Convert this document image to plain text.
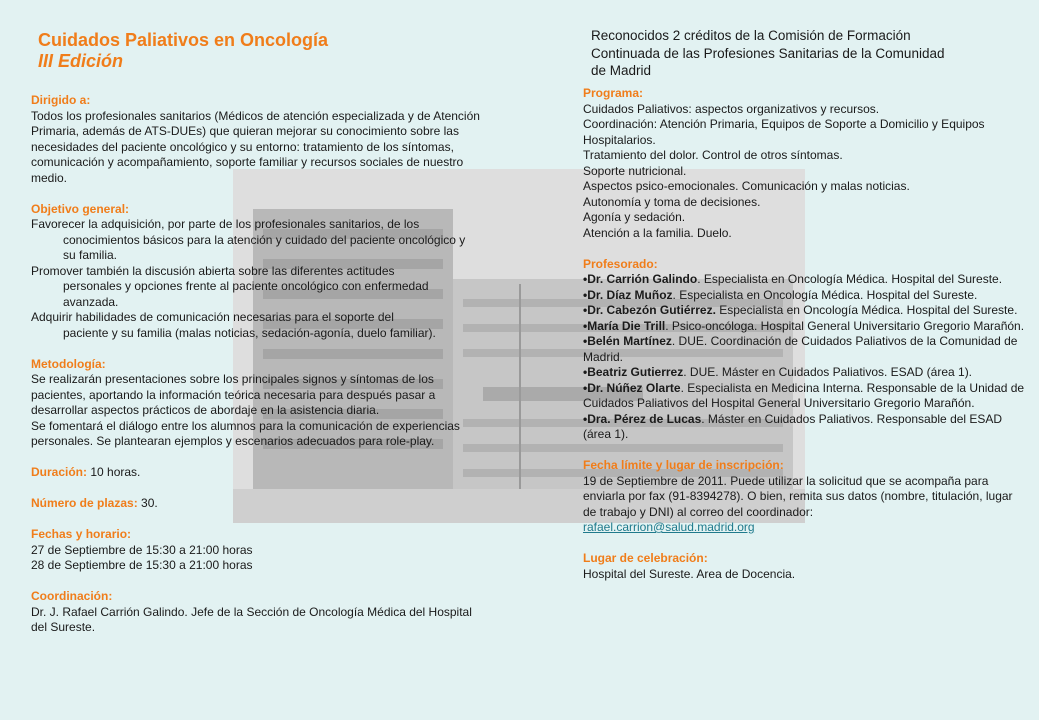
Cuidados Paliativos en Oncología
III Edición
Reconocidos 2 créditos de la Comisión de Formación Continuada de las Profesiones Sanitarias de la Comunidad de Madrid
Dirigido a:

Todos los profesionales sanitarios (Médicos de atención especializada y de Atención Primaria, además de ATS-DUEs) que quieran mejorar su conocimiento sobre las necesidades del paciente oncológico y su entorno: tratamiento de los síntomas, comunicación y acompañamiento, soporte familiar y recursos sociales de nuestro medio.

Objetivo general:

Favorecer la adquisición, por parte de los profesionales sanitarios, de los

conocimientos básicos para la atención y cuidado del paciente oncológico y su familia.

Promover también la discusión abierta sobre las diferentes actitudes

personales y opciones frente al paciente oncológico con enfermedad avanzada.

Adquirir habilidades de comunicación necesarias para el soporte del

paciente y su familia (malas noticias, sedación-agonía, duelo familiar).

Metodología:

Se realizarán presentaciones sobre los principales signos y síntomas de los pacientes, aportando la información teórica necesaria para después pasar a desarrollar aspectos prácticos de abordaje en la asistencia diaria.

Se fomentará el diálogo entre los alumnos para la comunicación de experiencias personales. Se plantearan ejemplos y escenarios adecuados para role-play.

Duración: 10 horas.
Número de plazas: 30.
Fechas y horario:

27 de Septiembre de 15:30 a 21:00 horas

28 de Septiembre de 15:30 a 21:00 horas

Coordinación:

Dr. J. Rafael Carrión Galindo. Jefe de la Sección de Oncología Médica del Hospital del Sureste.

Programa:

Cuidados Paliativos: aspectos organizativos y recursos.

Coordinación: Atención Primaria, Equipos de Soporte a Domicilio y Equipos Hospitalarios.

Tratamiento del dolor. Control de otros síntomas.

Soporte nutricional.

Aspectos psico-emocionales. Comunicación y malas noticias.

Autonomía y toma de decisiones.

Agonía y sedación.

Atención a la familia. Duelo.

Profesorado:

•Dr. Carrión Galindo. Especialista en Oncología Médica. Hospital del Sureste.

•Dr. Díaz Muñoz. Especialista en Oncología Médica. Hospital del Sureste.

•Dr. Cabezón Gutiérrez. Especialista en Oncología Médica. Hospital del Sureste.

•María Die Trill. Psico-oncóloga. Hospital General Universitario Gregorio Marañón.

•Belén Martínez. DUE. Coordinación de Cuidados Paliativos de la Comunidad de Madrid.

•Beatriz Gutierrez. DUE. Máster en Cuidados Paliativos. ESAD (área 1).

•Dr. Núñez Olarte. Especialista en Medicina Interna. Responsable de la Unidad de Cuidados Paliativos del Hospital General Universitario Gregorio Marañón.

•Dra. Pérez de Lucas. Máster en Cuidados Paliativos. Responsable del ESAD (área 1).

Fecha límite y lugar de inscripción:

19 de Septiembre de 2011. Puede utilizar la solicitud que se acompaña para enviarla por fax (91-8394278). O bien, remita sus datos (nombre, titulación, lugar de trabajo y DNI) al correo del coordinador:

rafael.carrion@salud.madrid.org
Lugar de celebración:

Hospital del Sureste. Area de Docencia.
